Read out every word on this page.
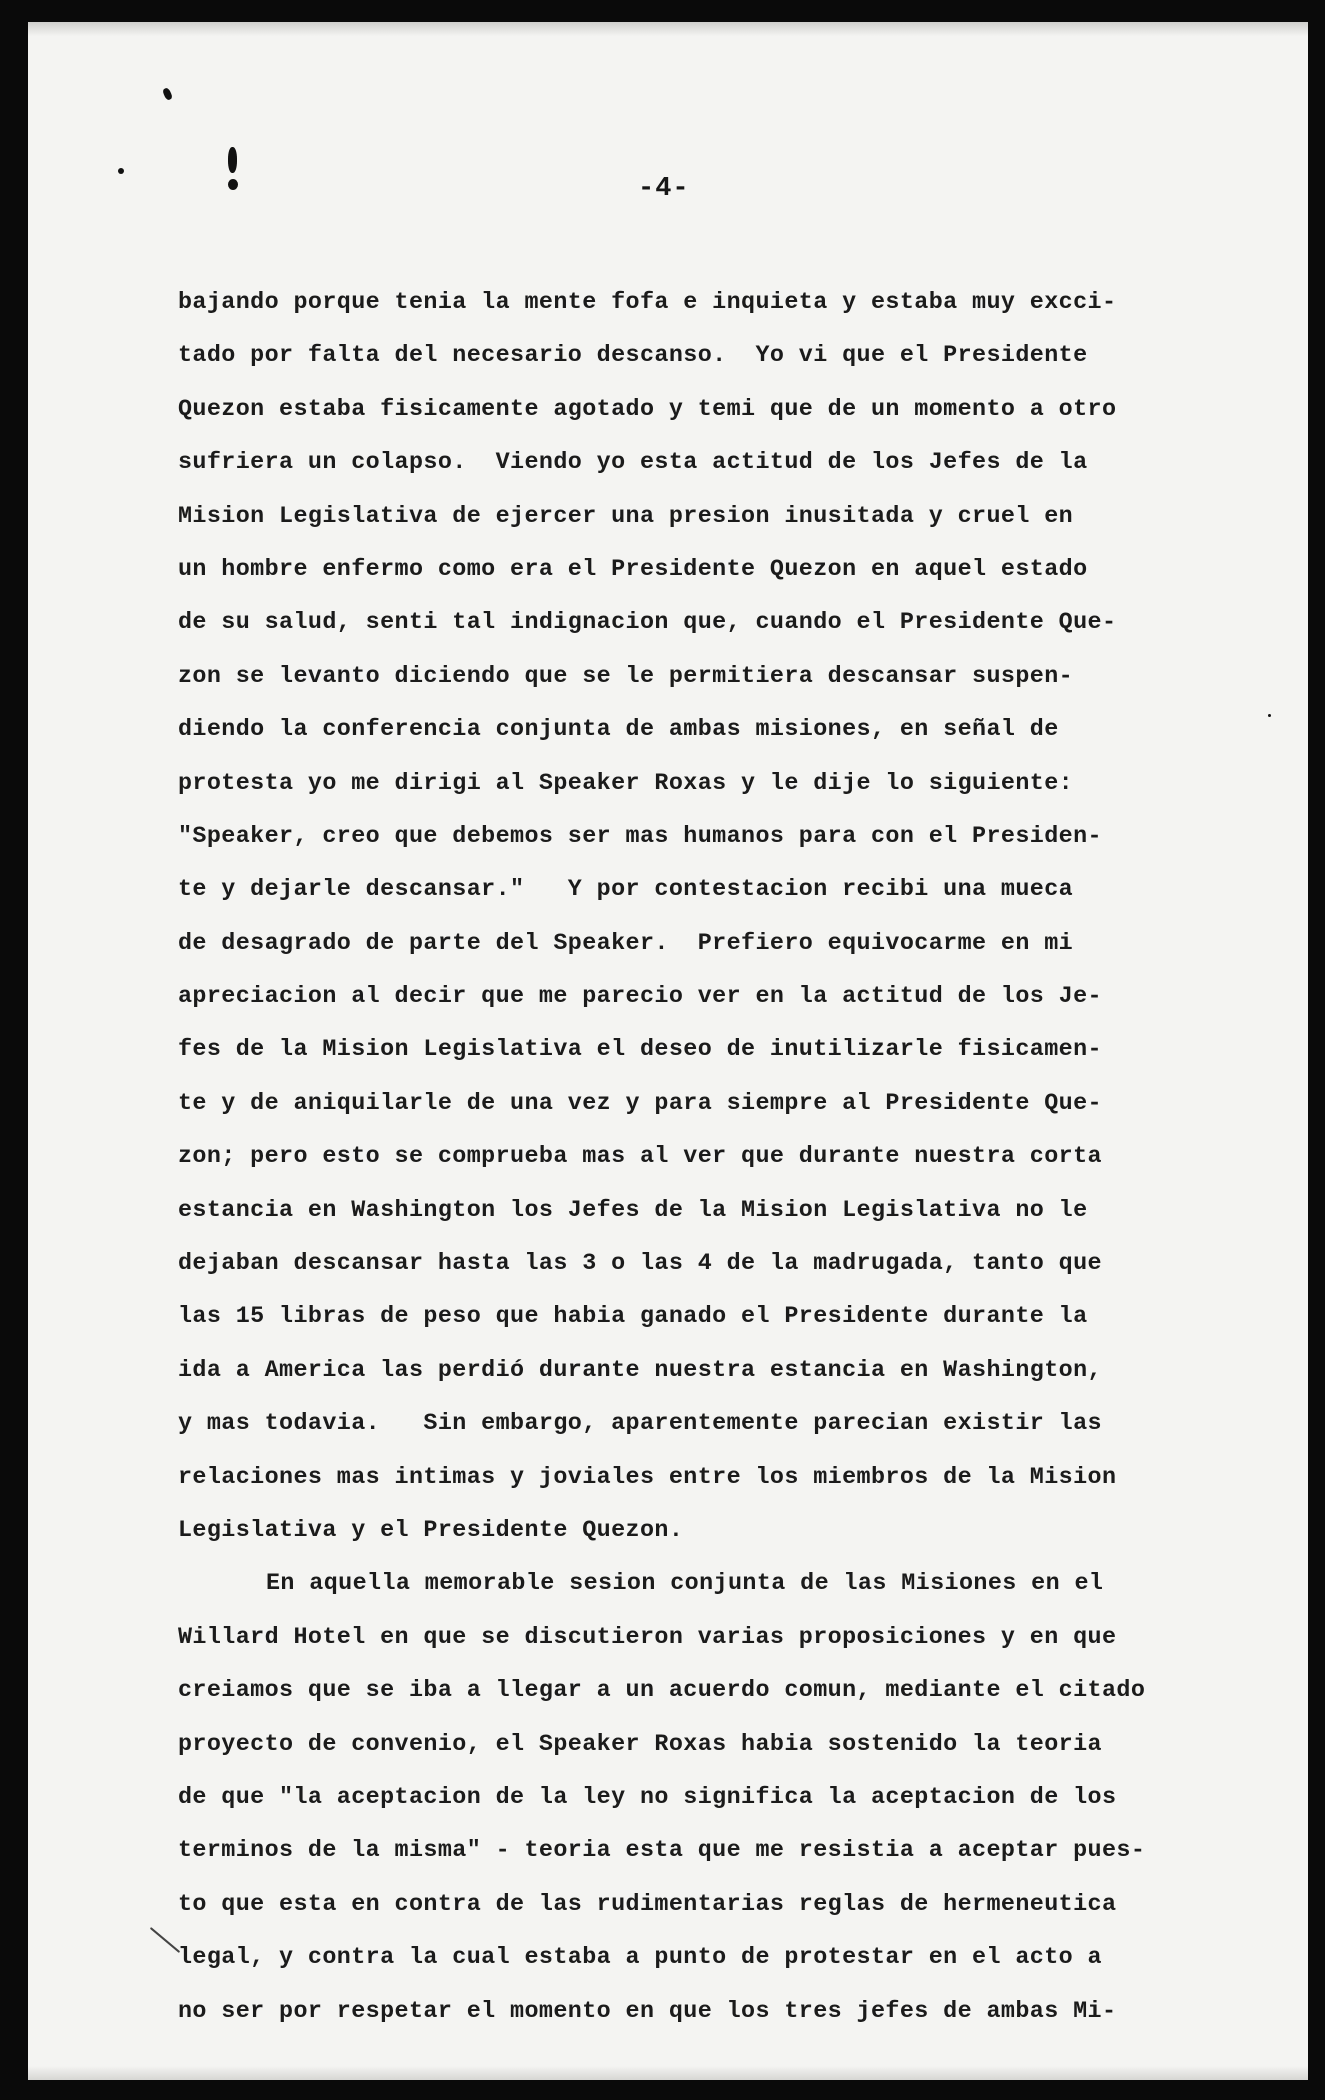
-4-
bajando porque tenia la mente fofa e inquieta y estaba muy excci-
tado por falta del necesario descanso.  Yo vi que el Presidente
Quezon estaba fisicamente agotado y temi que de un momento a otro
sufriera un colapso.  Viendo yo esta actitud de los Jefes de la
Mision Legislativa de ejercer una presion inusitada y cruel en
un hombre enfermo como era el Presidente Quezon en aquel estado
de su salud, senti tal indignacion que, cuando el Presidente Que-
zon se levanto diciendo que se le permitiera descansar suspen-
diendo la conferencia conjunta de ambas misiones, en señal de
protesta yo me dirigi al Speaker Roxas y le dije lo siguiente:
"Speaker, creo que debemos ser mas humanos para con el Presiden-
te y dejarle descansar."   Y por contestacion recibi una mueca
de desagrado de parte del Speaker.  Prefiero equivocarme en mi
apreciacion al decir que me parecio ver en la actitud de los Je-
fes de la Mision Legislativa el deseo de inutilizarle fisicamen-
te y de aniquilarle de una vez y para siempre al Presidente Que-
zon; pero esto se comprueba mas al ver que durante nuestra corta
estancia en Washington los Jefes de la Mision Legislativa no le
dejaban descansar hasta las 3 o las 4 de la madrugada, tanto que
las 15 libras de peso que habia ganado el Presidente durante la
ida a America las perdió durante nuestra estancia en Washington,
y mas todavia.   Sin embargo, aparentemente parecian existir las
relaciones mas intimas y joviales entre los miembros de la Mision
Legislativa y el Presidente Quezon.
En aquella memorable sesion conjunta de las Misiones en el
Willard Hotel en que se discutieron varias proposiciones y en que
creiamos que se iba a llegar a un acuerdo comun, mediante el citado
proyecto de convenio, el Speaker Roxas habia sostenido la teoria
de que "la aceptacion de la ley no significa la aceptacion de los
terminos de la misma" - teoria esta que me resistia a aceptar pues-
to que esta en contra de las rudimentarias reglas de hermeneutica
legal, y contra la cual estaba a punto de protestar en el acto a
no ser por respetar el momento en que los tres jefes de ambas Mi-
